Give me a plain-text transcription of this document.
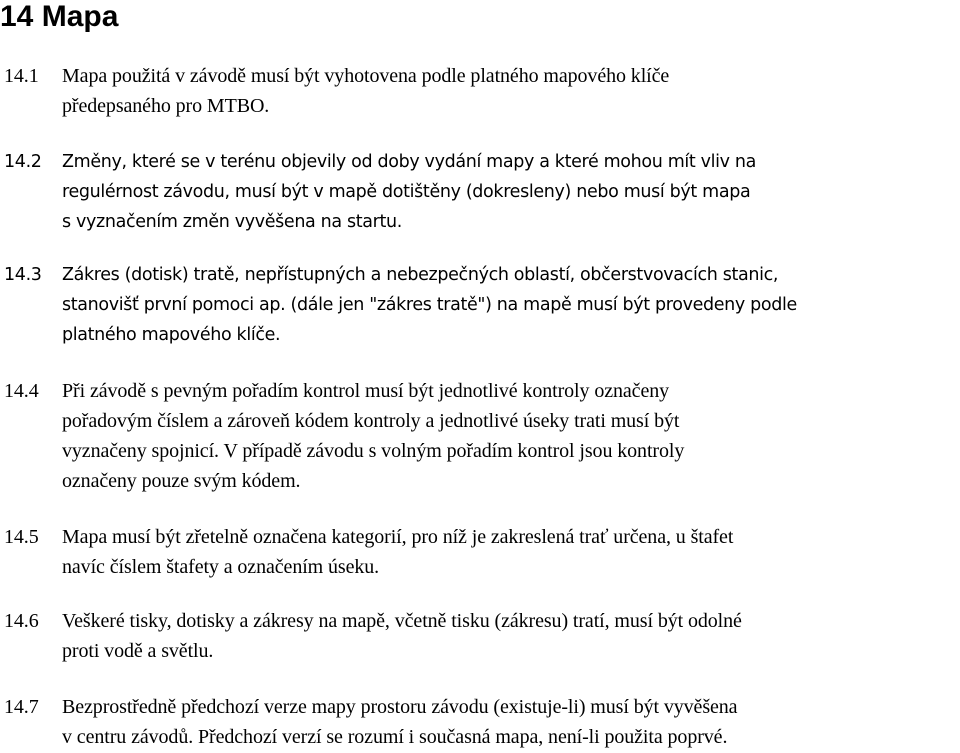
14 Mapa
14.1 Mapa použitá v závodě musí být vyhotovena podle platného mapového klíče
předepsaného pro MTBO.
14.2 Změny, které se v terénu objevily od doby vydání mapy a které mohou mít vliv na
regulérnost závodu, musí být v mapě dotištěny (dokresleny) nebo musí být mapa
s vyznačením změn vyvěšena na startu.
14.3 Zákres (dotisk) tratě, nepřístupných a nebezpečných oblastí, občerstvovacích stanic,
stanovišť první pomoci ap. (dále jen "zákres tratě") na mapě musí být provedeny podle
platného mapového klíče.
14.4 Při závodě s pevným pořadím kontrol musí být jednotlivé kontroly označeny
pořadovým číslem a zároveň kódem kontroly a jednotlivé úseky trati musí být
vyznačeny spojnicí. V případě závodu s volným pořadím kontrol jsou kontroly
označeny pouze svým kódem.
14.5 Mapa musí být zřetelně označena kategorií, pro níž je zakreslená trať určena, u štafet
navíc číslem štafety a označením úseku.
14.6 Veškeré tisky, dotisky a zákresy na mapě, včetně tisku (zákresu) tratí, musí být odolné
proti vodě a světlu.
14.7 Bezprostředně předchozí verze mapy prostoru závodu (existuje-li) musí být vyvěšena
v centru závodů. Předchozí verzí se rozumí i současná mapa, není-li použita poprvé.
